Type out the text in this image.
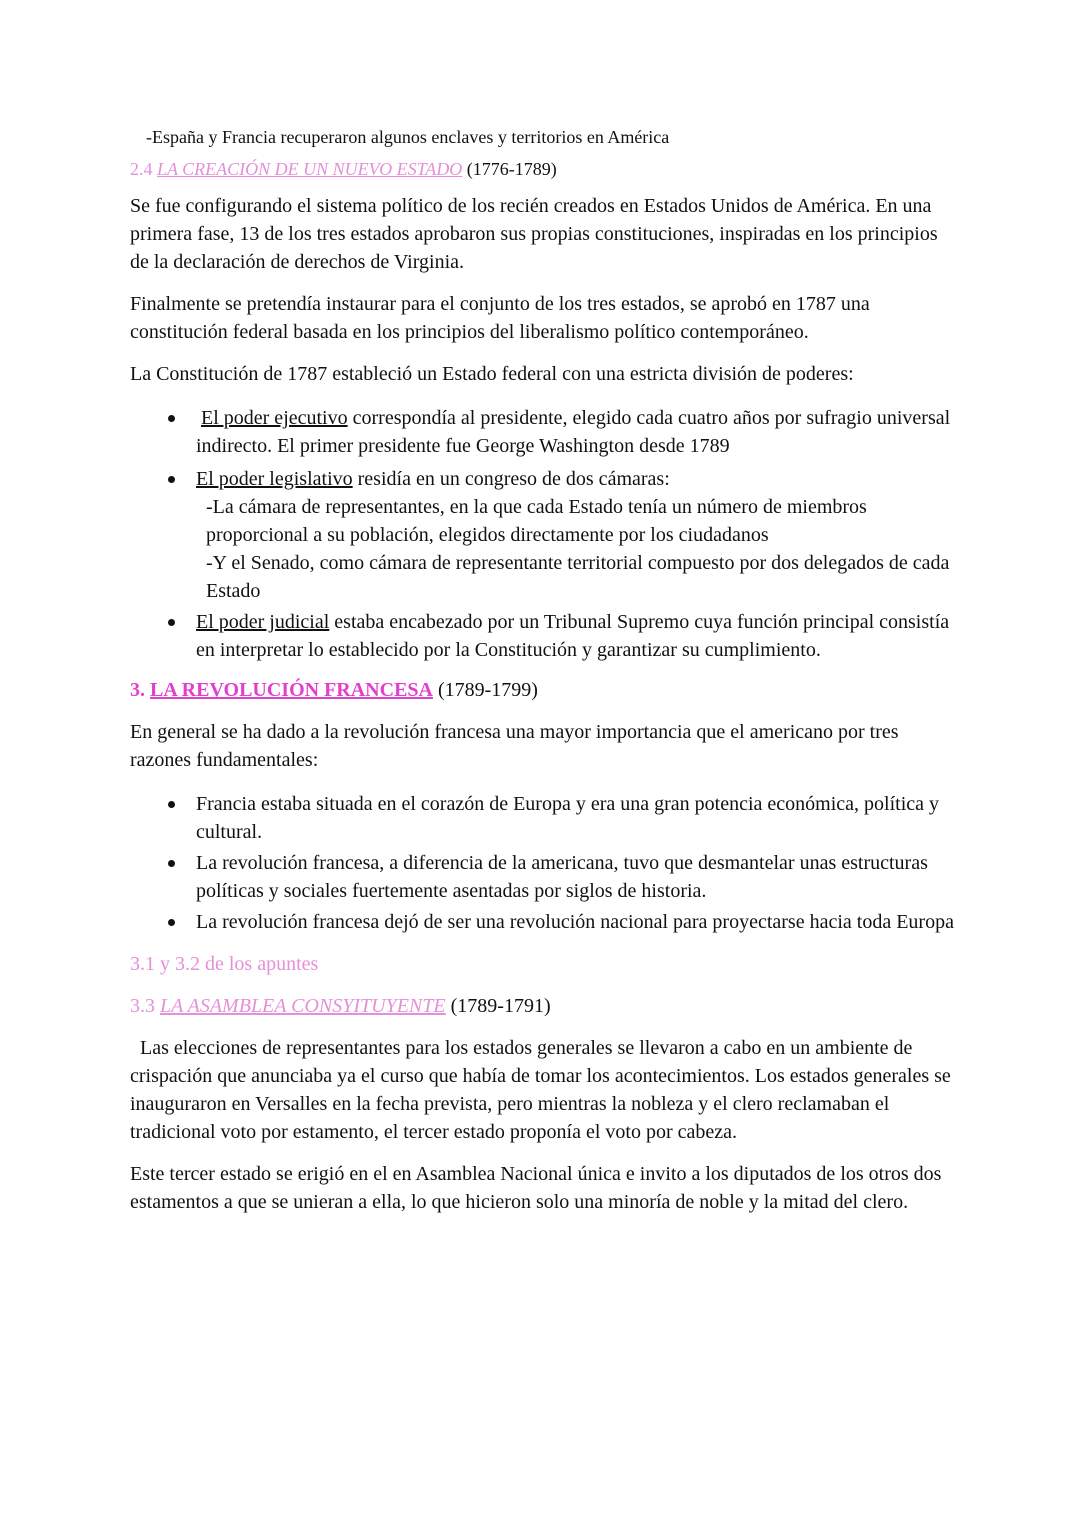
-España y Francia recuperaron algunos enclaves y territorios en América

2.4 LA CREACIÓN DE UN NUEVO ESTADO (1776-1789)

Se fue configurando el sistema político de los recién creados en Estados Unidos de América. En una primera fase, 13 de los tres estados aprobaron sus propias constituciones, inspiradas en los principios de la declaración de derechos de Virginia.

Finalmente se pretendía instaurar para el conjunto de los tres estados, se aprobó en 1787 una constitución federal basada en los principios del liberalismo político contemporáneo.

La Constitución de 1787 estableció un Estado federal con una estricta división de poderes:

El poder ejecutivo correspondía al presidente, elegido cada cuatro años por sufragio universal indirecto. El primer presidente fue George Washington desde 1789
El poder legislativo residía en un congreso de dos cámaras:
-La cámara de representantes, en la que cada Estado tenía un número de miembros proporcional a su población, elegidos directamente por los ciudadanos
-Y el Senado, como cámara de representante territorial compuesto por dos delegados de cada Estado
El poder judicial estaba encabezado por un Tribunal Supremo cuya función principal consistía en interpretar lo establecido por la Constitución y garantizar su cumplimiento.

3. LA REVOLUCIÓN FRANCESA (1789-1799)

En general se ha dado a la revolución francesa una mayor importancia que el americano por tres razones fundamentales:

Francia estaba situada en el corazón de Europa y era una gran potencia económica, política y cultural.
La revolución francesa, a diferencia de la americana, tuvo que desmantelar unas estructuras políticas y sociales fuertemente asentadas por siglos de historia.
La revolución francesa dejó de ser una revolución nacional para proyectarse hacia toda Europa

3.1 y 3.2 de los apuntes

3.3 LA ASAMBLEA CONSYITUYENTE (1789-1791)

Las elecciones de representantes para los estados generales se llevaron a cabo en un ambiente de crispación que anunciaba ya el curso que había de tomar los acontecimientos. Los estados generales se inauguraron en Versalles en la fecha prevista, pero mientras la nobleza y el clero reclamaban el tradicional voto por estamento, el tercer estado proponía el voto por cabeza.

Este tercer estado se erigió en el en Asamblea Nacional única e invito a los diputados de los otros dos estamentos a que se unieran a ella, lo que hicieron solo una minoría de noble y la mitad del clero.
